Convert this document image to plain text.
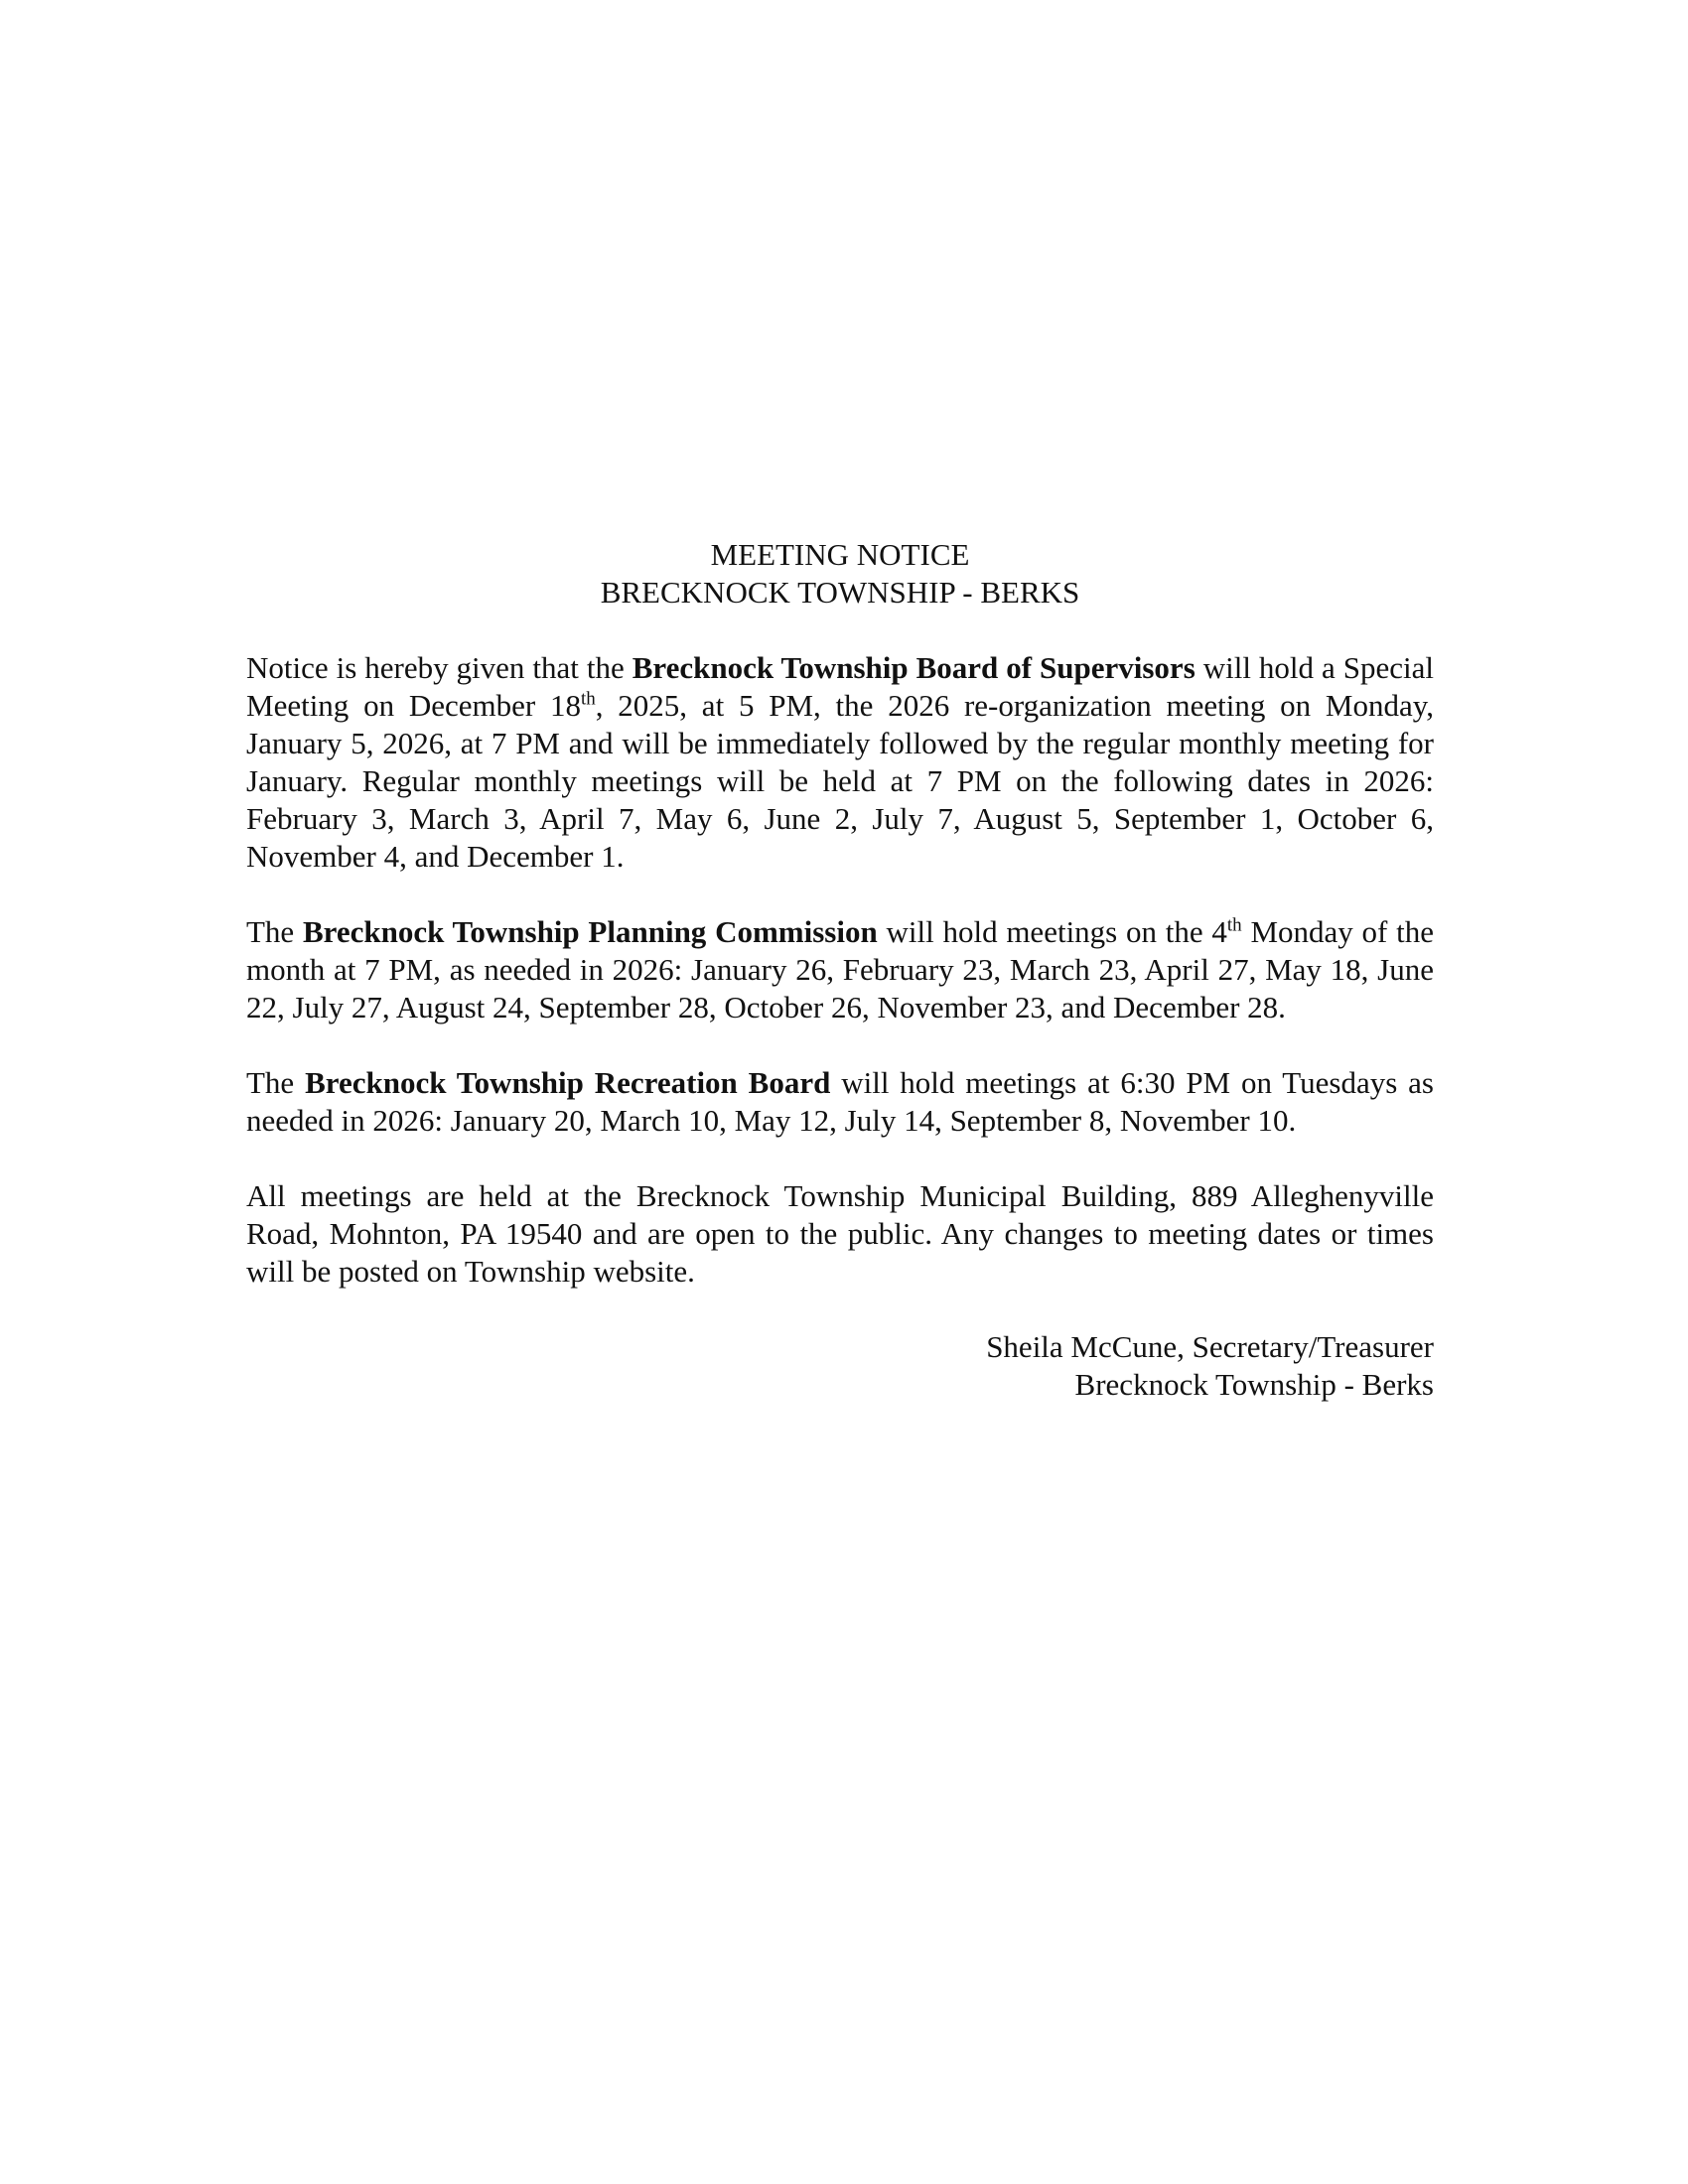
MEETING NOTICE
BRECKNOCK TOWNSHIP - BERKS

Notice is hereby given that the Brecknock Township Board of Supervisors will hold a Special Meeting on December 18th, 2025, at 5 PM, the 2026 re-organization meeting on Monday, January 5, 2026, at 7 PM and will be immediately followed by the regular monthly meeting for January. Regular monthly meetings will be held at 7 PM on the following dates in 2026: February 3, March 3, April 7, May 6, June 2, July 7, August 5, September 1, October 6, November 4, and December 1.

The Brecknock Township Planning Commission will hold meetings on the 4th Monday of the month at 7 PM, as needed in 2026: January 26, February 23, March 23, April 27, May 18, June 22, July 27, August 24, September 28, October 26, November 23, and December 28.

The Brecknock Township Recreation Board will hold meetings at 6:30 PM on Tuesdays as needed in 2026: January 20, March 10, May 12, July 14, September 8, November 10.

All meetings are held at the Brecknock Township Municipal Building, 889 Alleghenyville Road, Mohnton, PA 19540 and are open to the public. Any changes to meeting dates or times will be posted on Township website.

Sheila McCune, Secretary/Treasurer
Brecknock Township - Berks
